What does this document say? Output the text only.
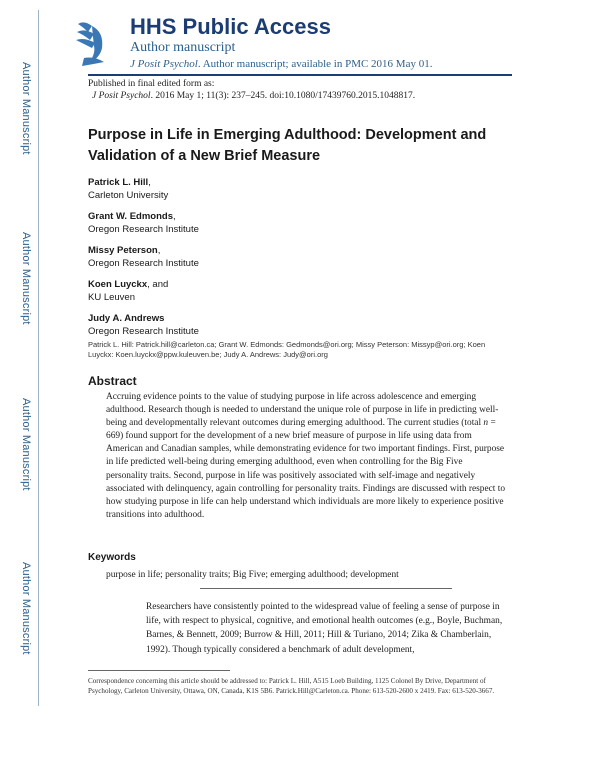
Author Manuscript
Author Manuscript
Author Manuscript
Author Manuscript
HHS Public Access
Author manuscript
J Posit Psychol. Author manuscript; available in PMC 2016 May 01.
Published in final edited form as:
J Posit Psychol. 2016 May 1; 11(3): 237–245. doi:10.1080/17439760.2015.1048817.
Purpose in Life in Emerging Adulthood: Development and Validation of a New Brief Measure
Patrick L. Hill,
Carleton University
Grant W. Edmonds,
Oregon Research Institute
Missy Peterson,
Oregon Research Institute
Koen Luyckx, and
KU Leuven
Judy A. Andrews
Oregon Research Institute
Patrick L. Hill: Patrick.hill@carleton.ca; Grant W. Edmonds: Gedmonds@ori.org; Missy Peterson: Missyp@ori.org; Koen Luyckx: Koen.luyckx@ppw.kuleuven.be; Judy A. Andrews: Judy@ori.org
Abstract
Accruing evidence points to the value of studying purpose in life across adolescence and emerging adulthood. Research though is needed to understand the unique role of purpose in life in predicting well-being and developmentally relevant outcomes during emerging adulthood. The current studies (total n = 669) found support for the development of a new brief measure of purpose in life using data from American and Canadian samples, while demonstrating evidence for two important findings. First, purpose in life predicted well-being during emerging adulthood, even when controlling for the Big Five personality traits. Second, purpose in life was positively associated with self-image and negatively associated with delinquency, again controlling for personality traits. Findings are discussed with respect to how studying purpose in life can help understand which individuals are more likely to experience positive transitions into adulthood.
Keywords
purpose in life; personality traits; Big Five; emerging adulthood; development
Researchers have consistently pointed to the widespread value of feeling a sense of purpose in life, with respect to physical, cognitive, and emotional health outcomes (e.g., Boyle, Buchman, Barnes, & Bennett, 2009; Burrow & Hill, 2011; Hill & Turiano, 2014; Zika & Chamberlain, 1992). Though typically considered a benchmark of adult development,
Correspondence concerning this article should be addressed to: Patrick L. Hill, A515 Loeb Building, 1125 Colonel By Drive, Department of Psychology, Carleton University, Ottawa, ON, Canada, K1S 5B6. Patrick.Hill@Carleton.ca. Phone: 613-520-2600 x 2419. Fax: 613-520-3667.
